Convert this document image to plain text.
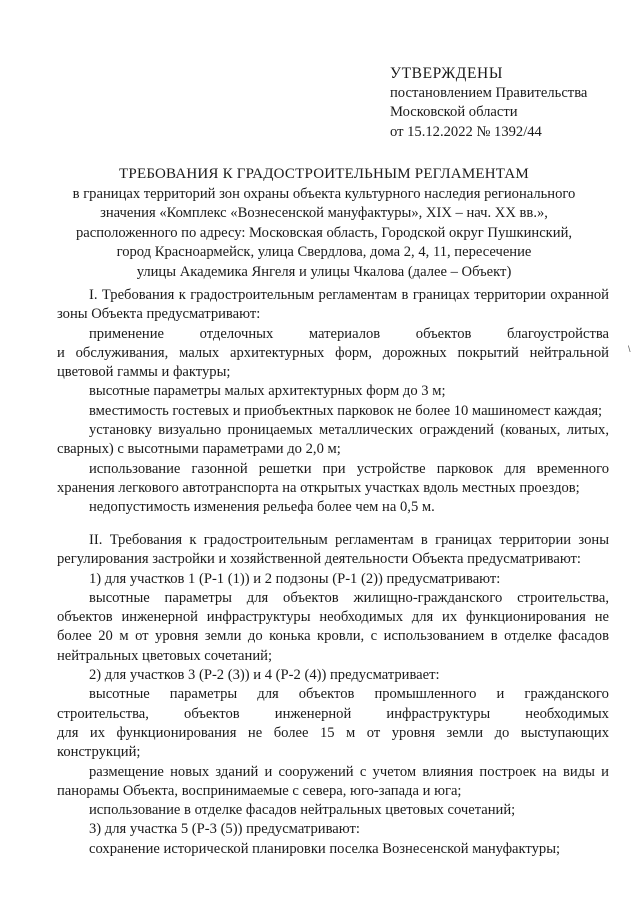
УТВЕРЖДЕНЫ
постановлением Правительства
Московской области
от 15.12.2022 № 1392/44
ТРЕБОВАНИЯ К ГРАДОСТРОИТЕЛЬНЫМ РЕГЛАМЕНТАМ
в границах территорий зон охраны объекта культурного наследия регионального
значения «Комплекс «Вознесенской мануфактуры», XIX – нач. XX вв.»,
расположенного по адресу: Московская область, Городской округ Пушкинский,
город Красноармейск, улица Свердлова, дома 2, 4, 11, пересечение
улицы Академика Янгеля и улицы Чкалова (далее – Объект)

I. Требования к градостроительным регламентам в границах территории охранной зоны Объекта предусматривают:

применение отделочных материалов объектов благоустройства

и обслуживания, малых архитектурных форм, дорожных покрытий нейтральной цветовой гаммы и фактуры;

высотные параметры малых архитектурных форм до 3 м;

вместимость гостевых и приобъектных парковок не более 10 машиномест каждая;

установку визуально проницаемых металлических ограждений (кованых, литых, сварных) с высотными параметрами до 2,0 м;

использование газонной решетки при устройстве парковок для временного хранения легкового автотранспорта на открытых участках вдоль местных проездов;

недопустимость изменения рельефа более чем на 0,5 м.

II. Требования к градостроительным регламентам в границах территории зоны регулирования застройки и хозяйственной деятельности Объекта предусматривают:

1) для участков 1 (Р-1 (1)) и 2 подзоны (Р-1 (2)) предусматривают:

высотные параметры для объектов жилищно-гражданского строительства, объектов инженерной инфраструктуры необходимых для их функционирования не более 20 м от уровня земли до конька кровли, с использованием в отделке фасадов нейтральных цветовых сочетаний;

2) для участков 3 (Р-2 (3)) и 4 (Р-2 (4)) предусматривает:

высотные параметры для объектов промышленного и гражданского
строительства, объектов инженерной инфраструктуры необходимых

для их функционирования не более 15 м от уровня земли до выступающих конструкций;

размещение новых зданий и сооружений с учетом влияния построек на виды и панорамы Объекта, воспринимаемые с севера, юго-запада и юга;

использование в отделке фасадов нейтральных цветовых сочетаний;

3) для участка 5 (Р-3 (5)) предусматривают:

сохранение исторической планировки поселка Вознесенской мануфактуры;

\
